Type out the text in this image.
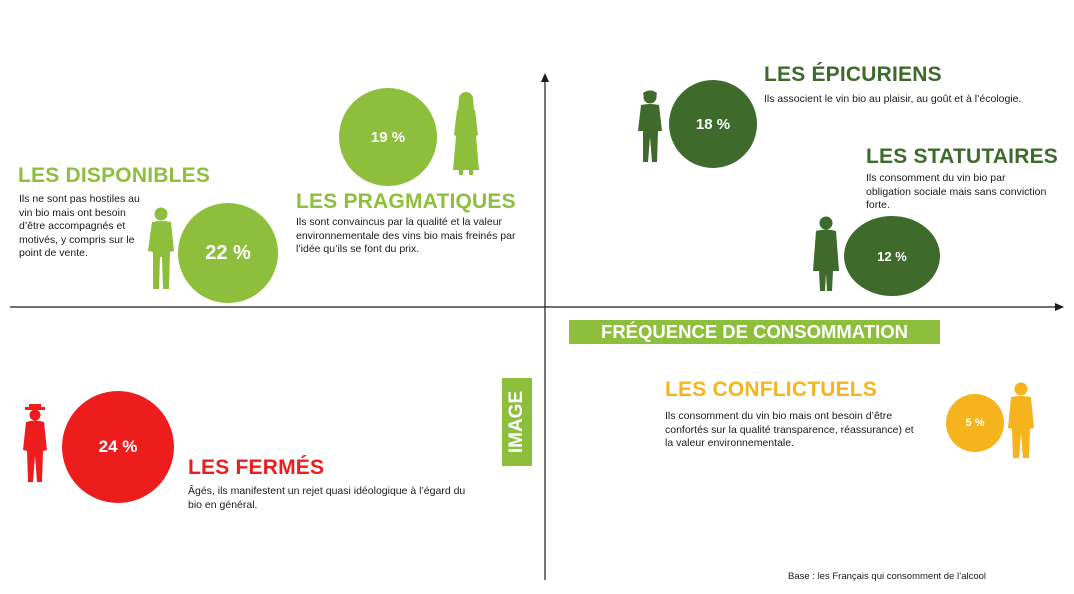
FRÉQUENCE DE CONSOMMATION
IMAGE
LES DISPONIBLES
Ils ne sont pas hostiles au vin bio mais ont besoin d’être accompagnés et motivés, y compris sur le point de vente.	22 %
19 %
LES PRAGMATIQUES
Ils sont convaincus par la qualité et la valeur environnementale des vins bio mais freinés par l’idée qu’ils se font du prix.
18 %
LES ÉPICURIENS
Ils associent le vin bio au plaisir, au goût et à l’écologie.
LES STATUTAIRES
Ils consomment du vin bio par obligation sociale mais sans conviction forte.
12 %
24 %
LES FERMÉS
Âgés, ils manifestent un rejet quasi idéologique à l’égard du bio en général.
LES CONFLICTUELS
Ils consomment du vin bio mais ont besoin d’être confortés sur la qualité transparence, réassurance) et la valeur environnementale.
5 %
Base : les Français qui consomment de l’alcool
